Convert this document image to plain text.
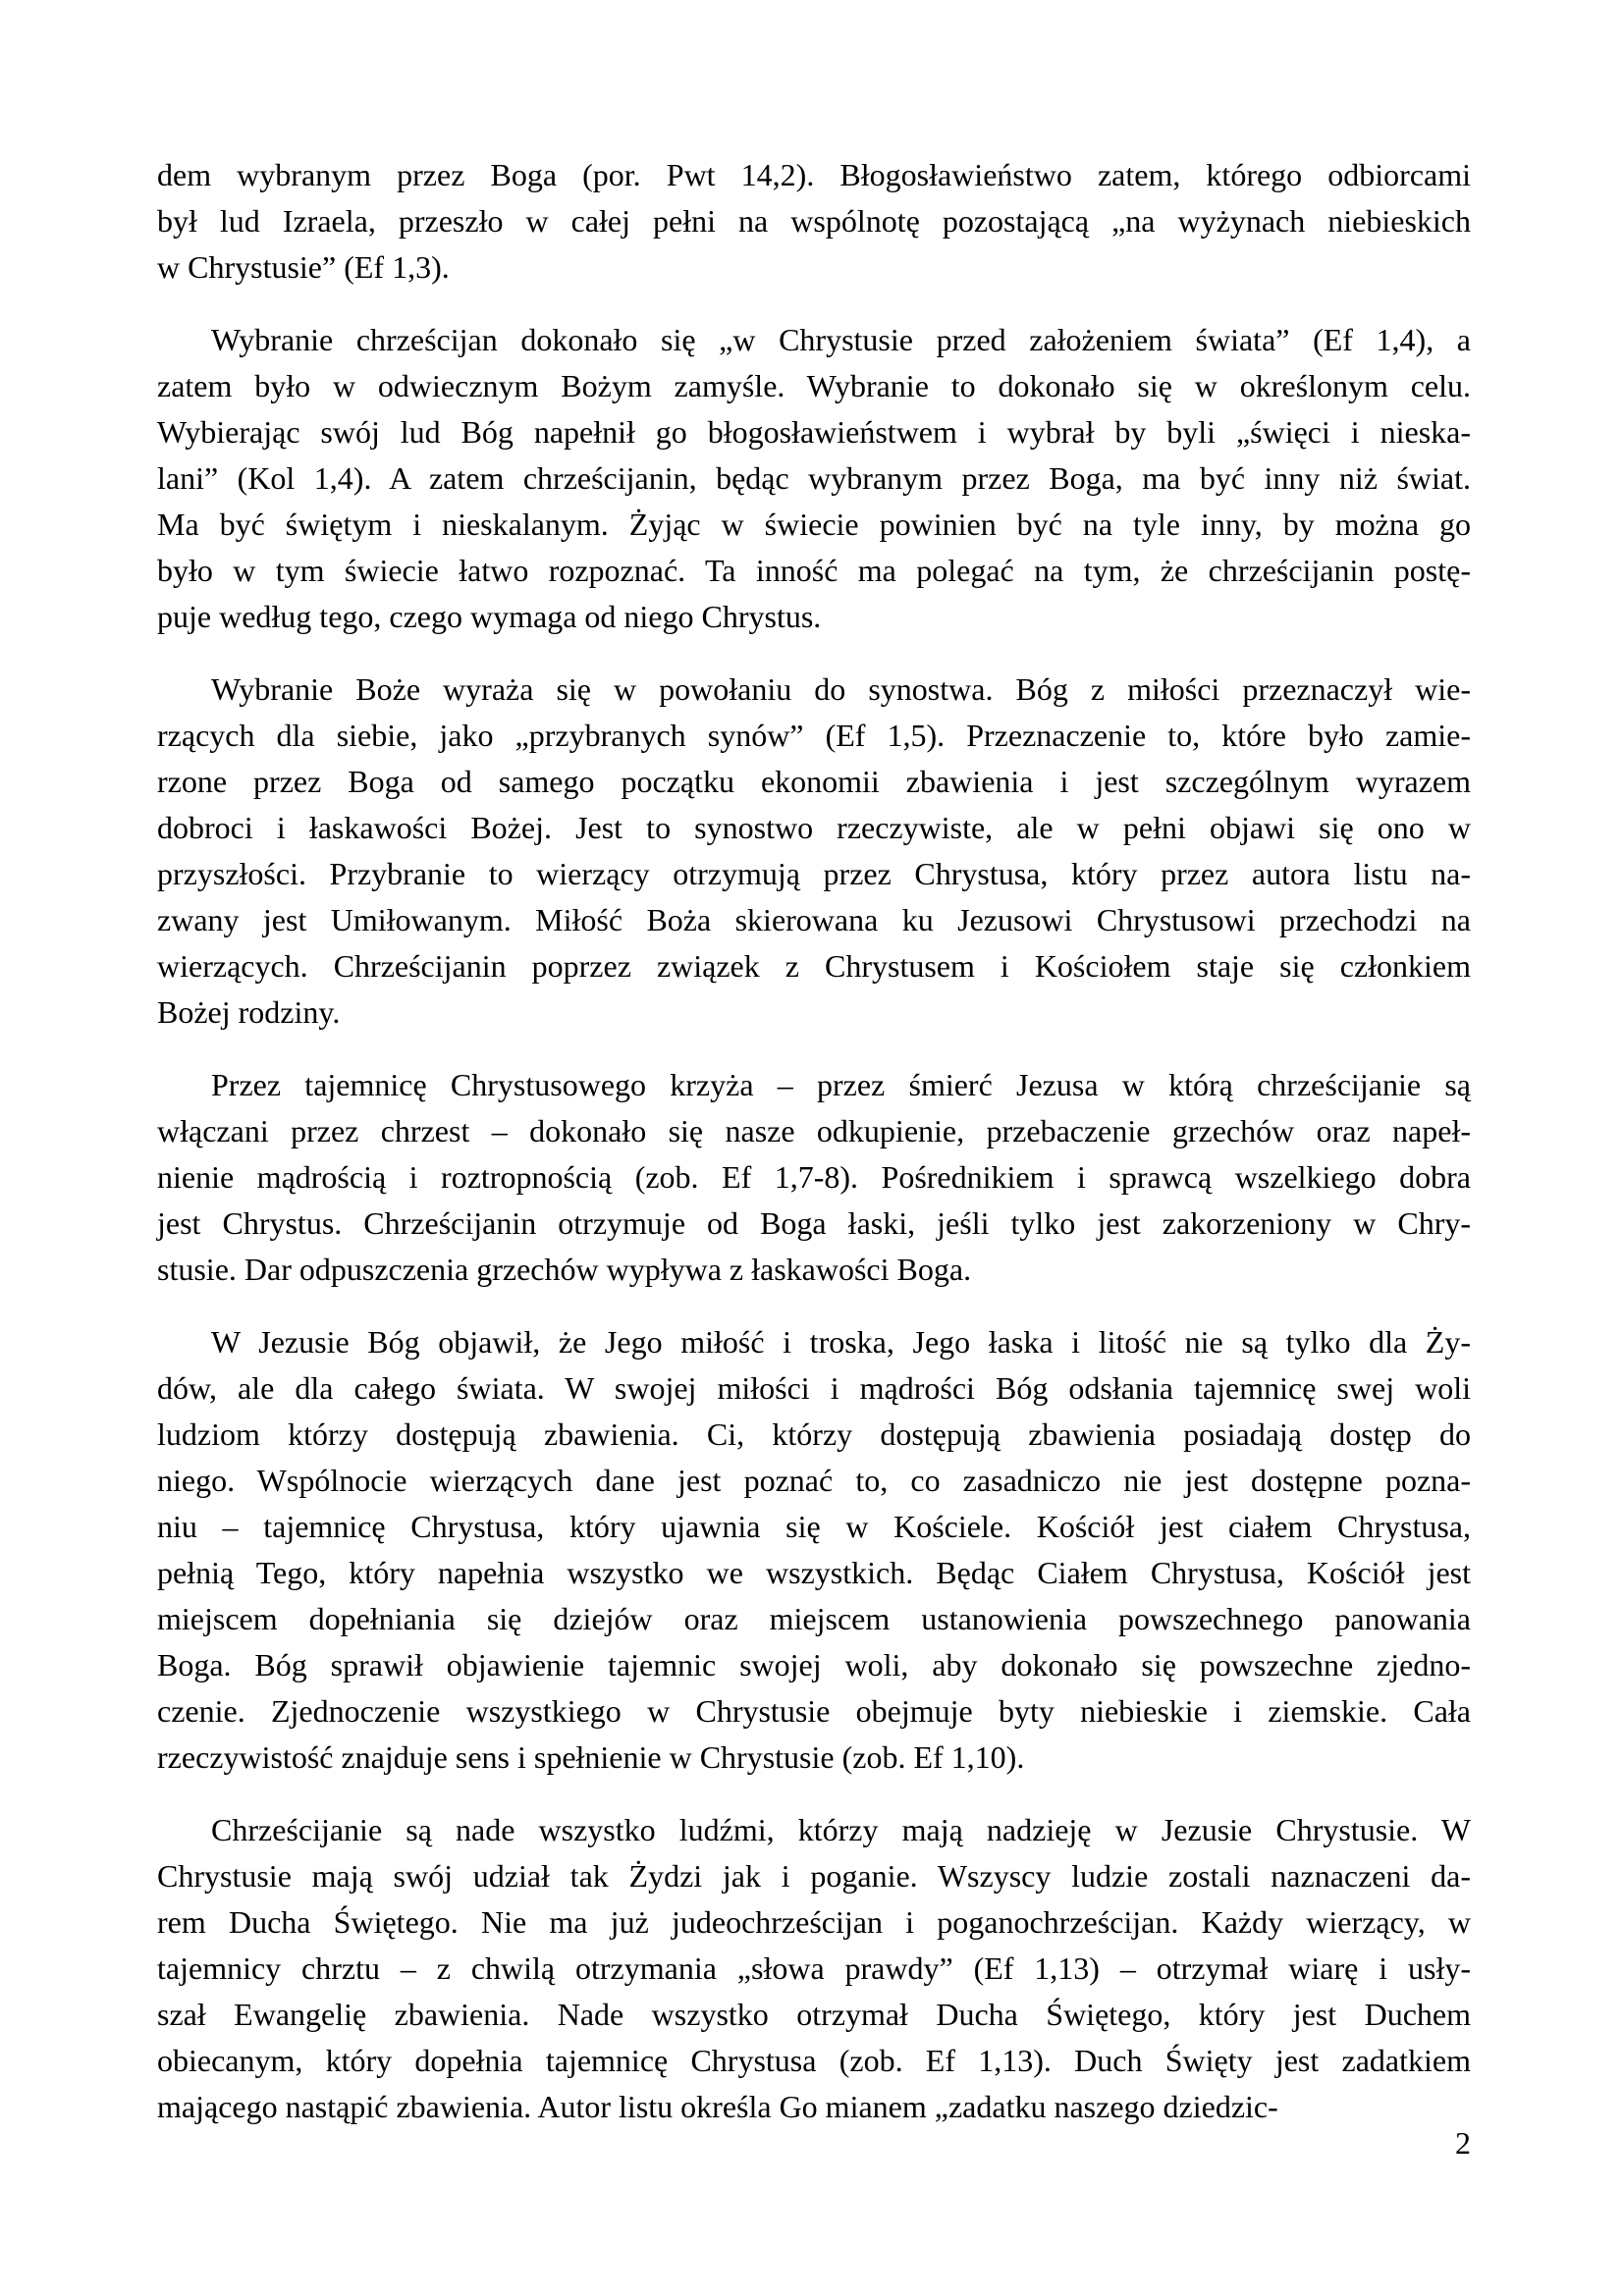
dem wybranym przez Boga (por. Pwt 14,2). Błogosławieństwo zatem, którego odbiorcami
był lud Izraela, przeszło w całej pełni na wspólnotę pozostającą „na wyżynach niebieskich
w Chrystusie” (Ef 1,3).
Wybranie chrześcijan dokonało się „w Chrystusie przed założeniem świata” (Ef 1,4), a
zatem było w odwiecznym Bożym zamyśle. Wybranie to dokonało się w określonym celu.
Wybierając swój lud Bóg napełnił go błogosławieństwem i wybrał by byli „święci i nieska-
lani” (Kol 1,4). A zatem chrześcijanin, będąc wybranym przez Boga, ma być inny niż świat.
Ma być świętym i nieskalanym. Żyjąc w świecie powinien być na tyle inny, by można go
było w tym świecie łatwo rozpoznać. Ta inność ma polegać na tym, że chrześcijanin postę-
puje według tego, czego wymaga od niego Chrystus.
Wybranie Boże wyraża się w powołaniu do synostwa. Bóg z miłości przeznaczył wie-
rzących dla siebie, jako „przybranych synów” (Ef 1,5). Przeznaczenie to, które było zamie-
rzone przez Boga od samego początku ekonomii zbawienia i jest szczególnym wyrazem
dobroci i łaskawości Bożej. Jest to synostwo rzeczywiste, ale w pełni objawi się ono w
przyszłości. Przybranie to wierzący otrzymują przez Chrystusa, który przez autora listu na-
zwany jest Umiłowanym. Miłość Boża skierowana ku Jezusowi Chrystusowi przechodzi na
wierzących. Chrześcijanin poprzez związek z Chrystusem i Kościołem staje się członkiem
Bożej rodziny.
Przez tajemnicę Chrystusowego krzyża – przez śmierć Jezusa w którą chrześcijanie są
włączani przez chrzest – dokonało się nasze odkupienie, przebaczenie grzechów oraz napeł-
nienie mądrością i roztropnością (zob. Ef 1,7-8). Pośrednikiem i sprawcą wszelkiego dobra
jest Chrystus. Chrześcijanin otrzymuje od Boga łaski, jeśli tylko jest zakorzeniony w Chry-
stusie. Dar odpuszczenia grzechów wypływa z łaskawości Boga.
W Jezusie Bóg objawił, że Jego miłość i troska, Jego łaska i litość nie są tylko dla Ży-
dów, ale dla całego świata. W swojej miłości i mądrości Bóg odsłania tajemnicę swej woli
ludziom którzy dostępują zbawienia. Ci, którzy dostępują zbawienia posiadają dostęp do
niego. Wspólnocie wierzących dane jest poznać to, co zasadniczo nie jest dostępne pozna-
niu – tajemnicę Chrystusa, który ujawnia się w Kościele. Kościół jest ciałem Chrystusa,
pełnią Tego, który napełnia wszystko we wszystkich. Będąc Ciałem Chrystusa, Kościół jest
miejscem dopełniania się dziejów oraz miejscem ustanowienia powszechnego panowania
Boga. Bóg sprawił objawienie tajemnic swojej woli, aby dokonało się powszechne zjedno-
czenie. Zjednoczenie wszystkiego w Chrystusie obejmuje byty niebieskie i ziemskie. Cała
rzeczywistość znajduje sens i spełnienie w Chrystusie (zob. Ef 1,10).
Chrześcijanie są nade wszystko ludźmi, którzy mają nadzieję w Jezusie Chrystusie. W
Chrystusie mają swój udział tak Żydzi jak i poganie. Wszyscy ludzie zostali naznaczeni da-
rem Ducha Świętego. Nie ma już judeochrześcijan i poganochrześcijan. Każdy wierzący, w
tajemnicy chrztu – z chwilą otrzymania „słowa prawdy” (Ef 1,13) – otrzymał wiarę i usły-
szał Ewangelię zbawienia. Nade wszystko otrzymał Ducha Świętego, który jest Duchem
obiecanym, który dopełnia tajemnicę Chrystusa (zob. Ef 1,13). Duch Święty jest zadatkiem
mającego nastąpić zbawienia. Autor listu określa Go mianem „zadatku naszego dziedzic-
2
